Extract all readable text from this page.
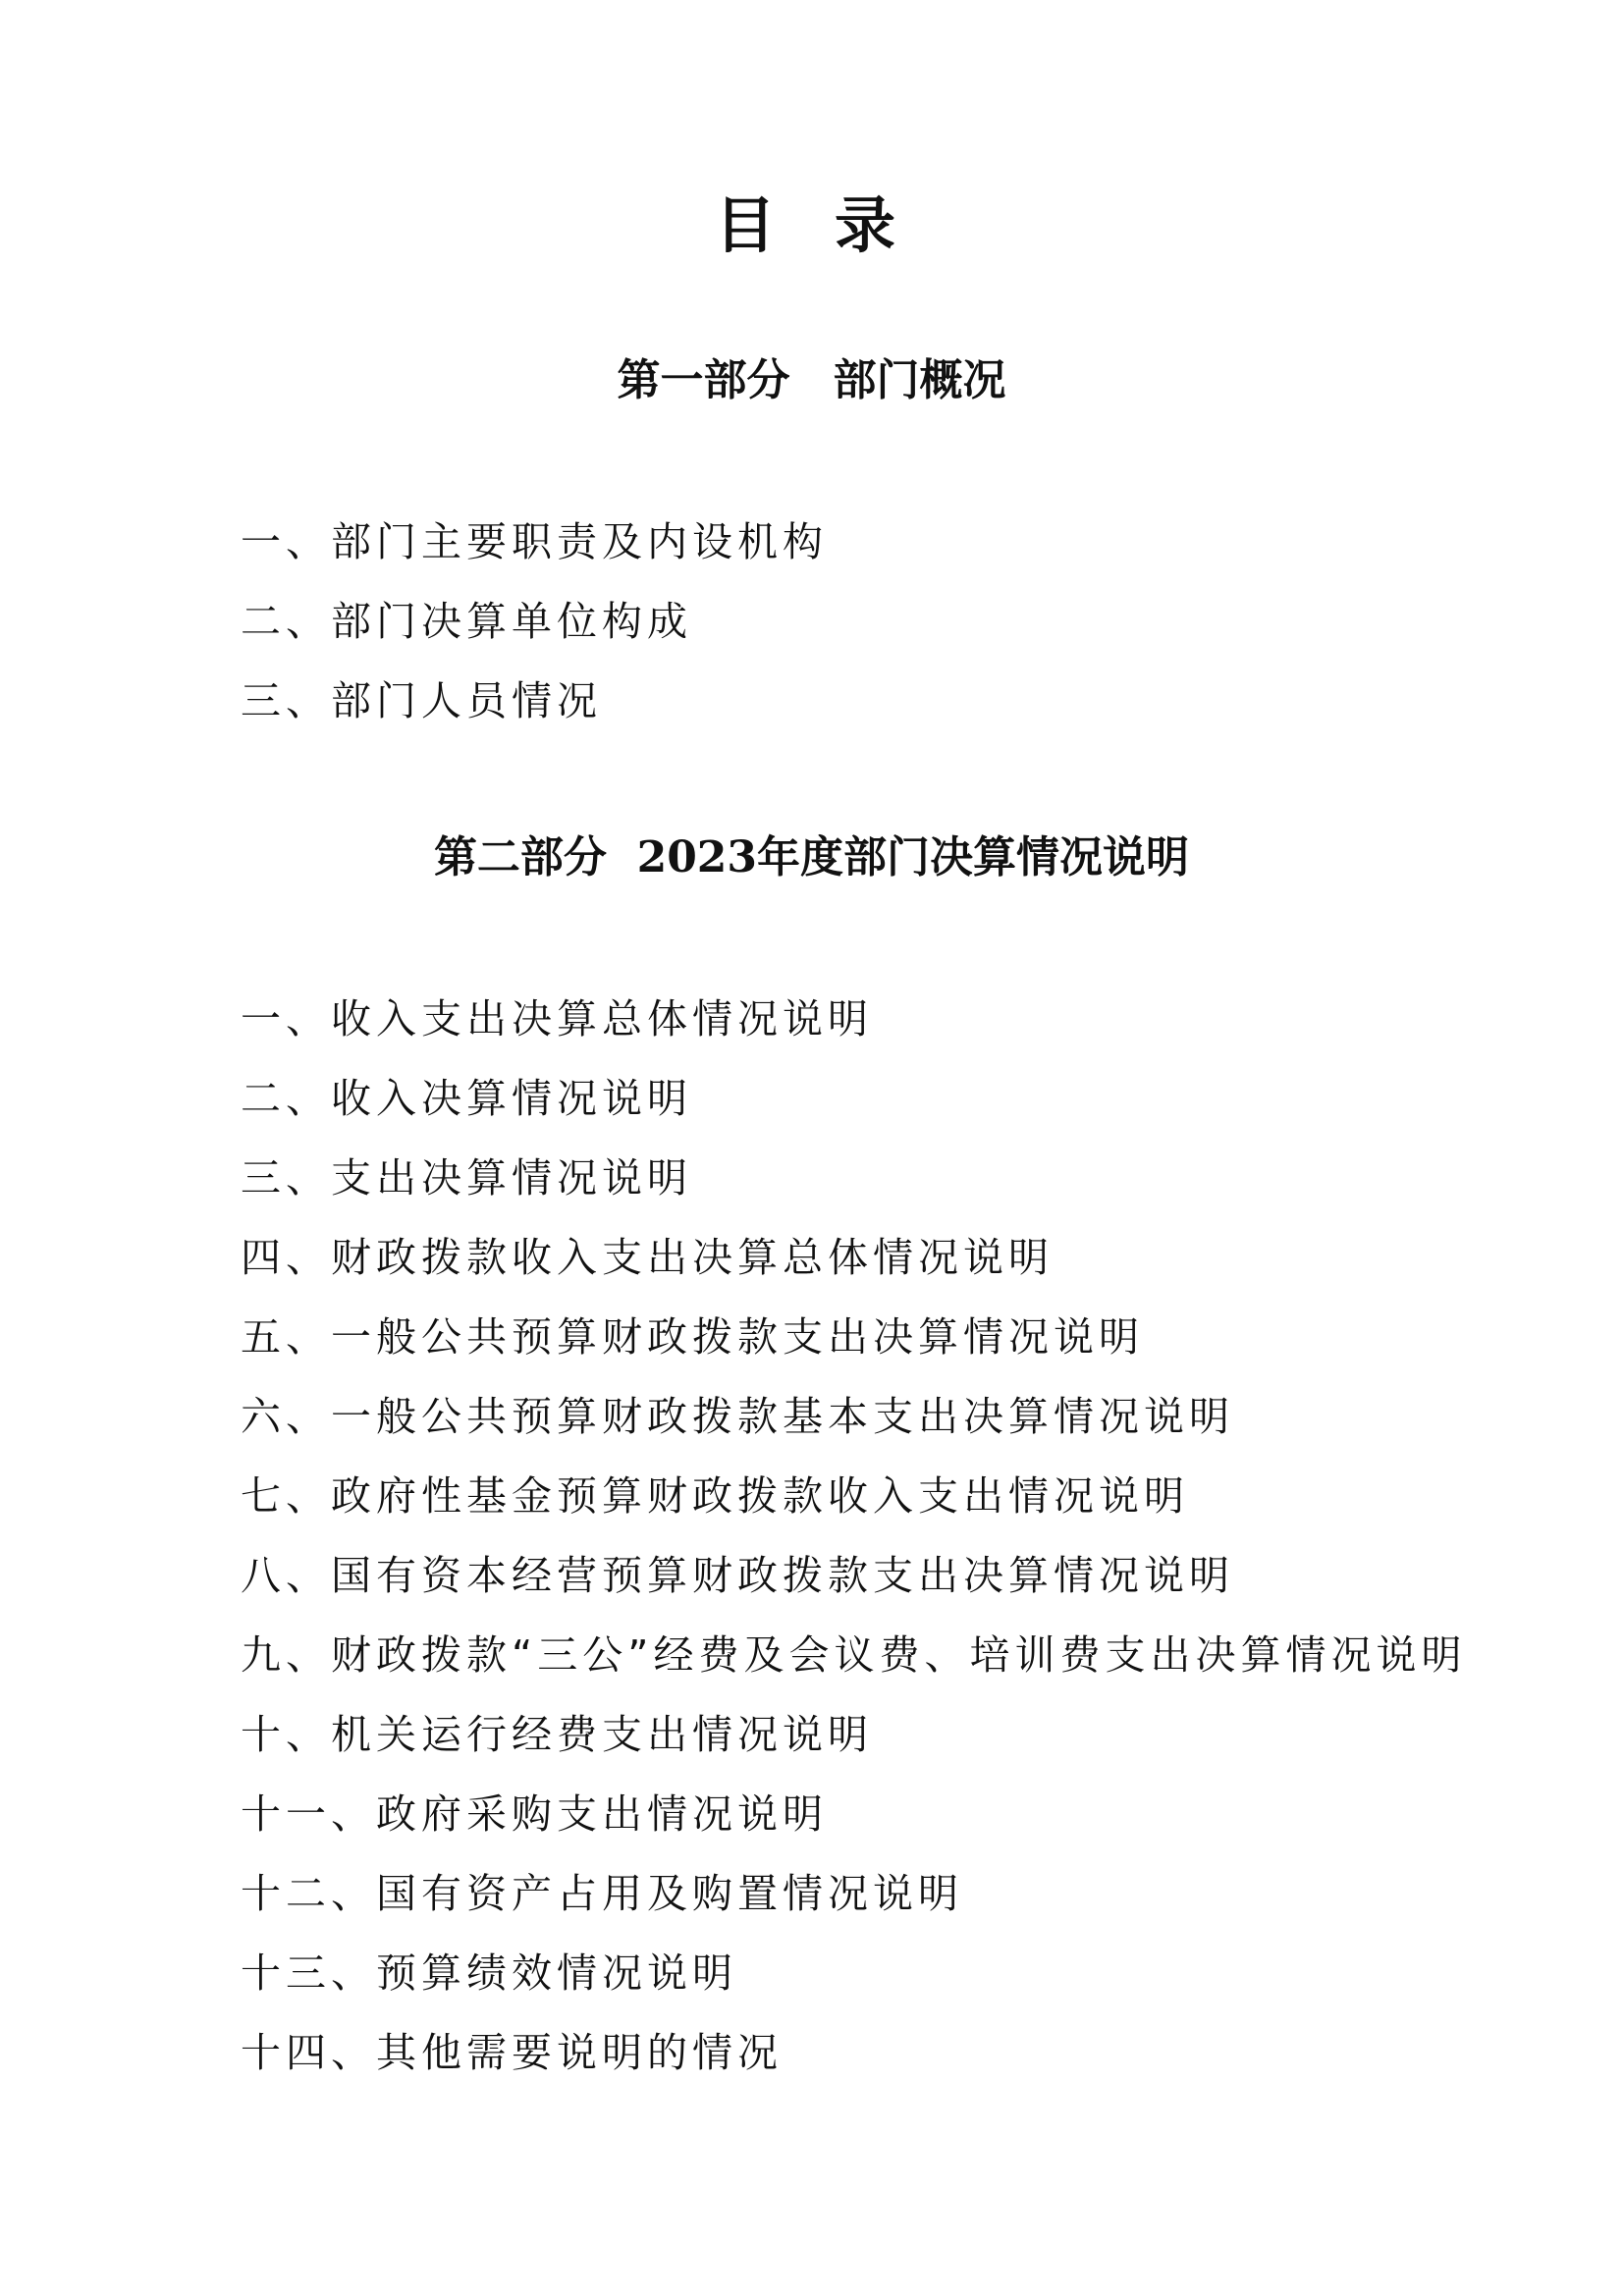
目录
第一部分　部门概况
一、部门主要职责及内设机构
二、部门决算单位构成
三、部门人员情况
第二部分  2023年度部门决算情况说明
一、收入支出决算总体情况说明
二、收入决算情况说明
三、支出决算情况说明
四、财政拨款收入支出决算总体情况说明
五、一般公共预算财政拨款支出决算情况说明
六、一般公共预算财政拨款基本支出决算情况说明
七、政府性基金预算财政拨款收入支出情况说明
八、国有资本经营预算财政拨款支出决算情况说明
九、财政拨款“三公”经费及会议费、培训费支出决算情况说明
十、机关运行经费支出情况说明
十一、政府采购支出情况说明
十二、国有资产占用及购置情况说明
十三、预算绩效情况说明
十四、其他需要说明的情况
